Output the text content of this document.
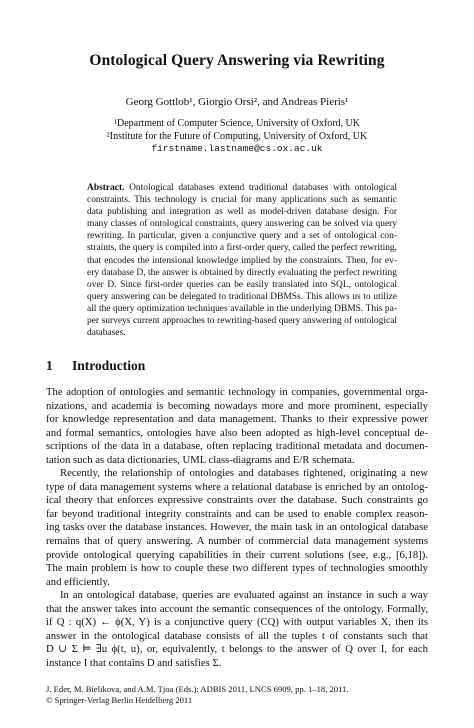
Ontological Query Answering via Rewriting
Georg Gottlob¹, Giorgio Orsi², and Andreas Pieris¹
¹Department of Computer Science, University of Oxford, UK
²Institute for the Future of Computing, University of Oxford, UK
firstname.lastname@cs.ox.ac.uk
Abstract. Ontological databases extend traditional databases with ontological
constraints. This technology is crucial for many applications such as semantic
data publishing and integration as well as model-driven database design. For
many classes of ontological constraints, query answering can be solved via query
rewriting. In particular, given a conjunctive query and a set of ontological con-
straints, the query is compiled into a first-order query, called the perfect rewriting,
that encodes the intensional knowledge implied by the constraints. Then, for ev-
ery database D, the answer is obtained by directly evaluating the perfect rewriting
over D. Since first-order queries can be easily translated into SQL, ontological
query answering can be delegated to traditional DBMSs. This allows us to utilize
all the query optimization techniques available in the underlying DBMS. This pa-
per surveys current approaches to rewriting-based query answering of ontological
databases.
1 Introduction
The adoption of ontologies and semantic technology in companies, governmental orga-
nizations, and academia is becoming nowadays more and more prominent, especially
for knowledge representation and data management. Thanks to their expressive power
and formal semantics, ontologies have also been adopted as high-level conceptual de-
scriptions of the data in a database, often replacing traditional metadata and documen-
tation such as data dictionaries, UML class-diagrams and E/R schemata.
Recently, the relationship of ontologies and databases tightened, originating a new
type of data management systems where a relational database is enriched by an ontolog-
ical theory that enforces expressive constraints over the database. Such constraints go
far beyond traditional integrity constraints and can be used to enable complex reason-
ing tasks over the database instances. However, the main task in an ontological database
remains that of query answering. A number of commercial data management systems
provide ontological querying capabilities in their current solutions (see, e.g., [6,18]).
The main problem is how to couple these two different types of technologies smoothly
and efficiently.
In an ontological database, queries are evaluated against an instance in such a way
that the answer takes into account the semantic consequences of the ontology. Formally,
if Q : q(X) ← ϕ(X, Y) is a conjunctive query (CQ) with output variables X, then its
answer in the ontological database consists of all the tuples t of constants such that
D ∪ Σ ⊨ ∃u ϕ(t, u), or, equivalently, t belongs to the answer of Q over I, for each
instance I that contains D and satisfies Σ.
J. Eder, M. Bielikova, and A.M. Tjoa (Eds.): ADBIS 2011, LNCS 6909, pp. 1–18, 2011.
© Springer-Verlag Berlin Heidelberg 2011
